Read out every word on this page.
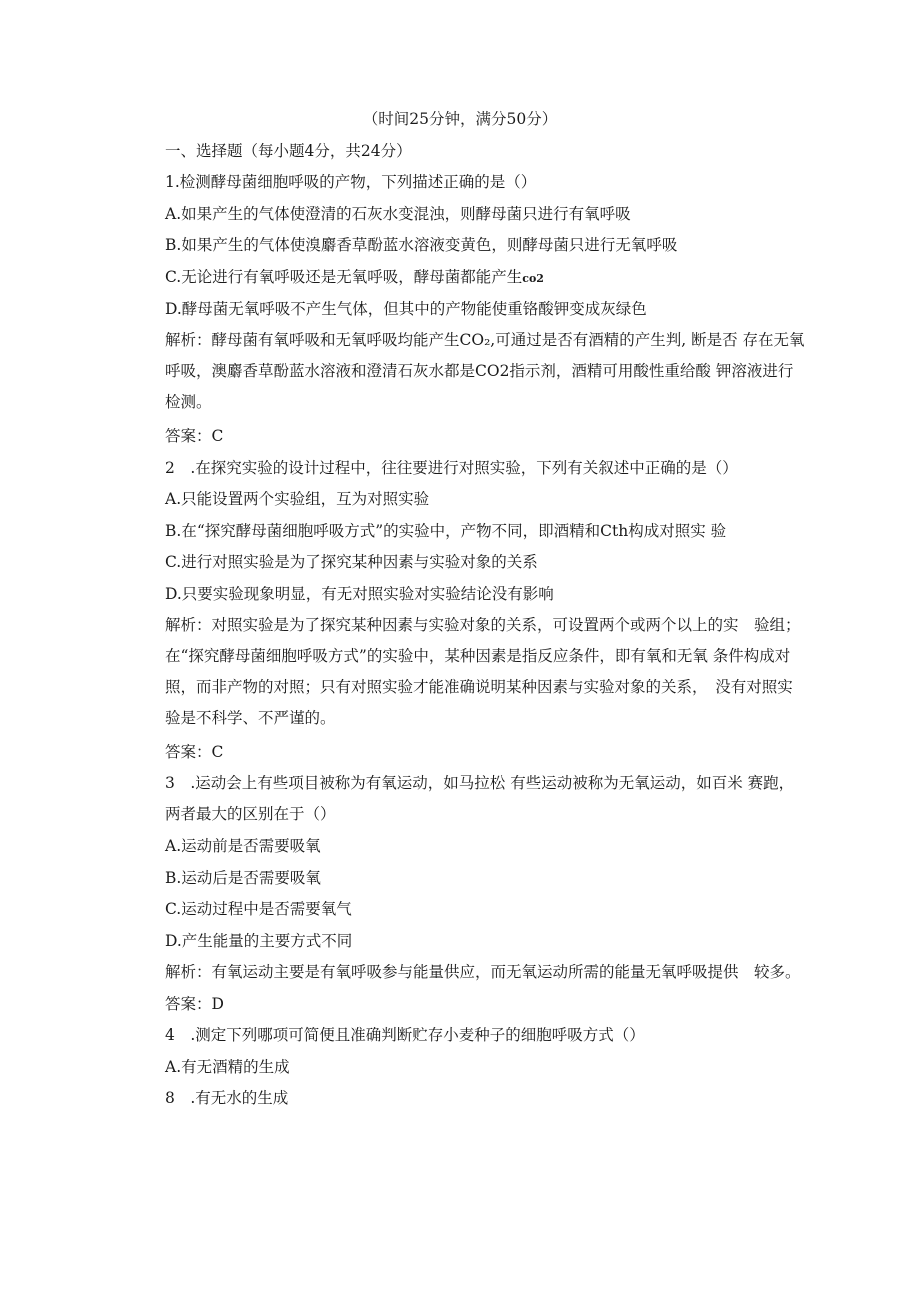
（时间25分钟，满分50分）
一、选择题（每小题4分，共24分）
1.检测酵母菌细胞呼吸的产物，下列描述正确的是（）
A.如果产生的气体使澄清的石灰水变混浊，则酵母菌只进行有氧呼吸
B.如果产生的气体使溴麝香草酚蓝水溶液变黄色，则酵母菌只进行无氧呼吸
C.无论进行有氧呼吸还是无氧呼吸，酵母菌都能产生co2
D.酵母菌无氧呼吸不产生气体，但其中的产物能使重铬酸钾变成灰绿色
解析：酵母菌有氧呼吸和无氧呼吸均能产生CO₂,可通过是否有酒精的产生判, 断是否 存在无氧呼吸，澳麝香草酚蓝水溶液和澄清石灰水都是CO2指示剂，酒精可用酸性重给酸 钾溶液进行检测。
答案：C
2　.在探究实验的设计过程中，往往要进行对照实验，下列有关叙述中正确的是（）
A.只能设置两个实验组，互为对照实验
B.在“探究酵母菌细胞呼吸方式”的实验中，产物不同，即酒精和Cth构成对照实 验
C.进行对照实验是为了探究某种因素与实验对象的关系
D.只要实验现象明显，有无对照实验对实验结论没有影响
解析：对照实验是为了探究某种因素与实验对象的关系，可设置两个或两个以上的实　验组；在“探究酵母菌细胞呼吸方式”的实验中，某种因素是指反应条件，即有氧和无氧 条件构成对照，而非产物的对照；只有对照实验才能准确说明某种因素与实验对象的关系，　没有对照实验是不科学、不严谨的。
答案：C
3　.运动会上有些项目被称为有氧运动，如马拉松 有些运动被称为无氧运动，如百米 赛跑，两者最大的区别在于（）
A.运动前是否需要吸氧
B.运动后是否需要吸氧
C.运动过程中是否需要氧气
D.产生能量的主要方式不同
解析：有氧运动主要是有氧呼吸参与能量供应，而无氧运动所需的能量无氧呼吸提供　较多。
答案：D
4　.测定下列哪项可简便且准确判断贮存小麦种子的细胞呼吸方式（）
A.有无酒精的生成
8　.有无水的生成
